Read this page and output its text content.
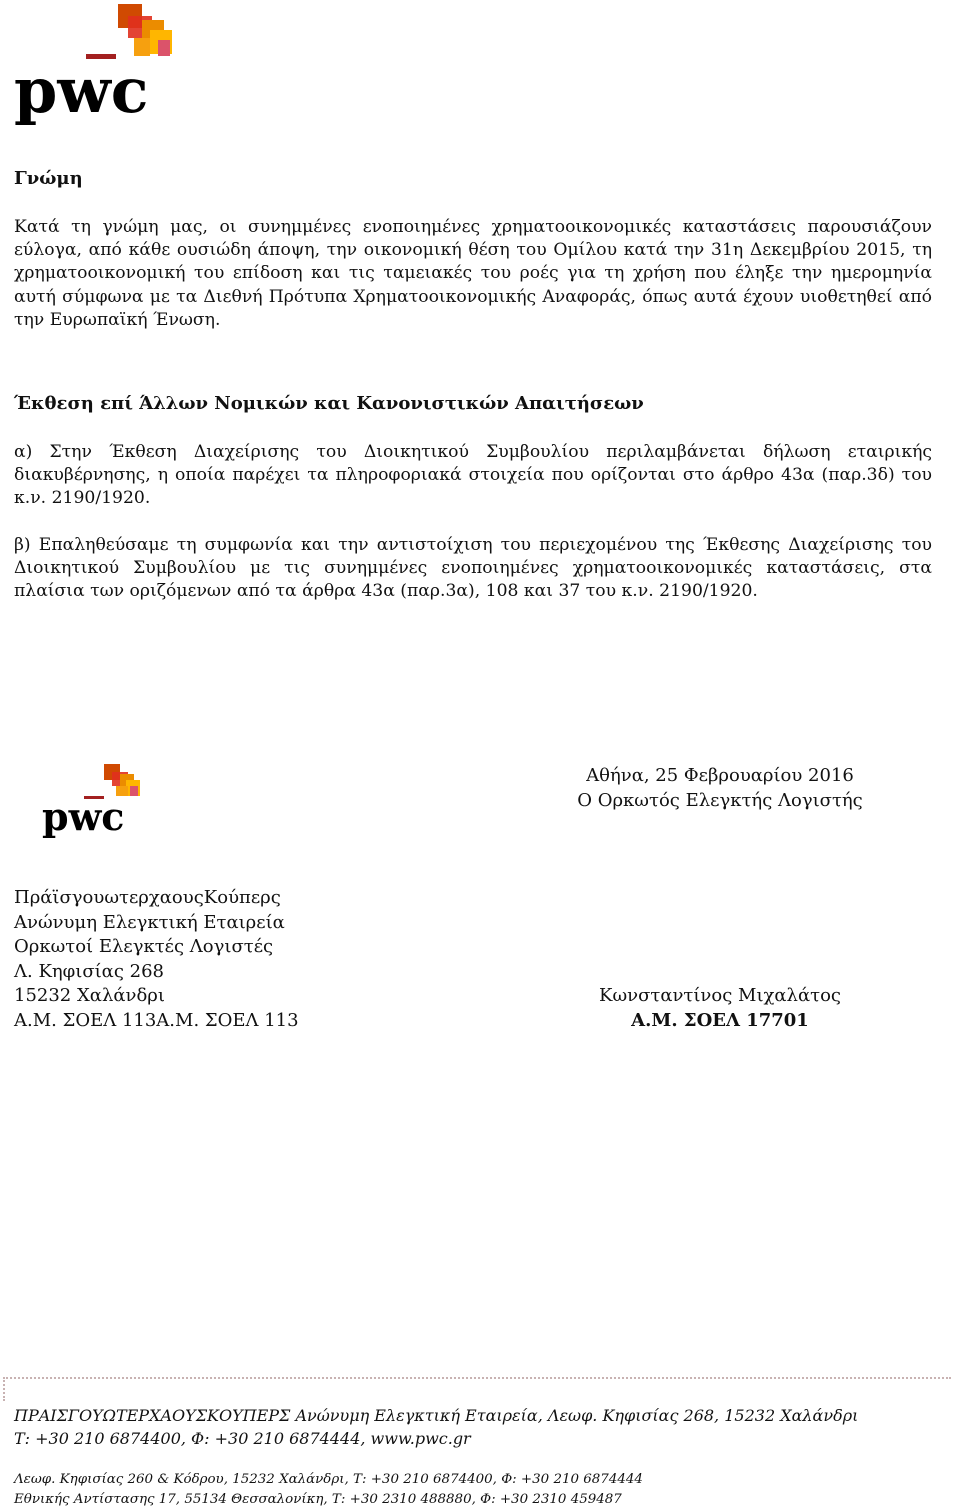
pwc
Γνώμη

Κατά τη γνώμη μας, οι συνημμένες ενοποιημένες χρηματοοικονομικές καταστάσεις παρουσιάζουν εύλογα, από κάθε ουσιώδη άποψη, την οικονομική θέση του Ομίλου κατά την 31η Δεκεμβρίου 2015, τη χρηματοοικονομική του επίδοση και τις ταμειακές του ροές για τη χρήση που έληξε την ημερομηνία αυτή σύμφωνα με τα Διεθνή Πρότυπα Χρηματοοικονομικής Αναφοράς, όπως αυτά έχουν υιοθετηθεί από την Ευρωπαϊκή Ένωση.

Έκθεση επί Άλλων Νομικών και Κανονιστικών Απαιτήσεων

α) Στην Έκθεση Διαχείρισης του Διοικητικού Συμβουλίου περιλαμβάνεται δήλωση εταιρικής διακυβέρνησης, η οποία παρέχει τα πληροφοριακά στοιχεία που ορίζονται στο άρθρο 43α (παρ.3δ) του κ.ν. 2190/1920.

β) Επαληθεύσαμε τη συμφωνία και την αντιστοίχιση του περιεχομένου της Έκθεσης Διαχείρισης του Διοικητικού Συμβουλίου με τις συνημμένες ενοποιημένες χρηματοοικονομικές καταστάσεις, στα πλαίσια των οριζόμενων από τα άρθρα 43α (παρ.3α), 108 και 37 του κ.ν. 2190/1920.

pwc
Αθήνα, 25 Φεβρουαρίου 2016
Ο Ορκωτός Ελεγκτής Λογιστής
ΠράϊσγουωτερχαουςΚούπερς
Ανώνυμη Ελεγκτική Εταιρεία
Ορκωτοί Ελεγκτές Λογιστές
Λ. Κηφισίας 268
15232 Χαλάνδρι
Α.Μ. ΣΟΕΛ 113Α.Μ. ΣΟΕΛ 113
Κωνσταντίνος Μιχαλάτος
Α.Μ. ΣΟΕΛ 17701
ΠΡΑΙΣΓΟΥΩΤΕΡΧΑΟΥΣΚΟΥΠΕΡΣ Ανώνυμη Ελεγκτική Εταιρεία, Λεωφ. Κηφισίας 268, 15232 Χαλάνδρι
Τ: +30 210 6874400, Φ: +30 210 6874444, www.pwc.gr
Λεωφ. Κηφισίας 260 & Κόδρου, 15232 Χαλάνδρι, Τ: +30 210 6874400, Φ: +30 210 6874444
Εθνικής Αντίστασης 17, 55134 Θεσσαλονίκη, Τ: +30 2310 488880, Φ: +30 2310 459487
